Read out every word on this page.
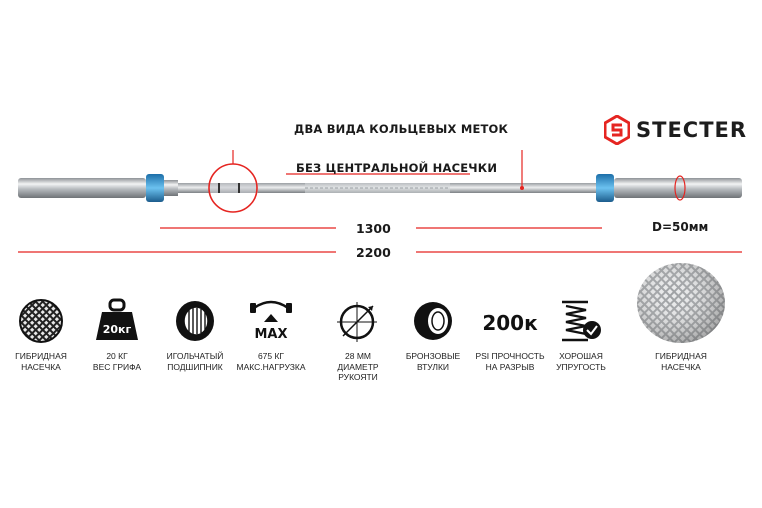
STECTER
ДВА ВИДА КОЛЬЦЕВЫХ МЕТОК
БЕЗ ЦЕНТРАЛЬНОЙ НАСЕЧКИ
1300
2200
D=50мм
ГИБРИДНАЯ
НАСЕЧКА
20кг
20 КГ
ВЕС ГРИФА
ИГОЛЬЧАТЫЙ
ПОДШИПНИК
MAX
675 КГ
МАКС.НАГРУЗКА
28 ММ
ДИАМЕТР РУКОЯТИ
БРОНЗОВЫЕ
ВТУЛКИ
200к
PSI ПРОЧНОСТЬ
НА РАЗРЫВ
ХОРОШАЯ
УПРУГОСТЬ
ГИБРИДНАЯ
НАСЕЧКА
